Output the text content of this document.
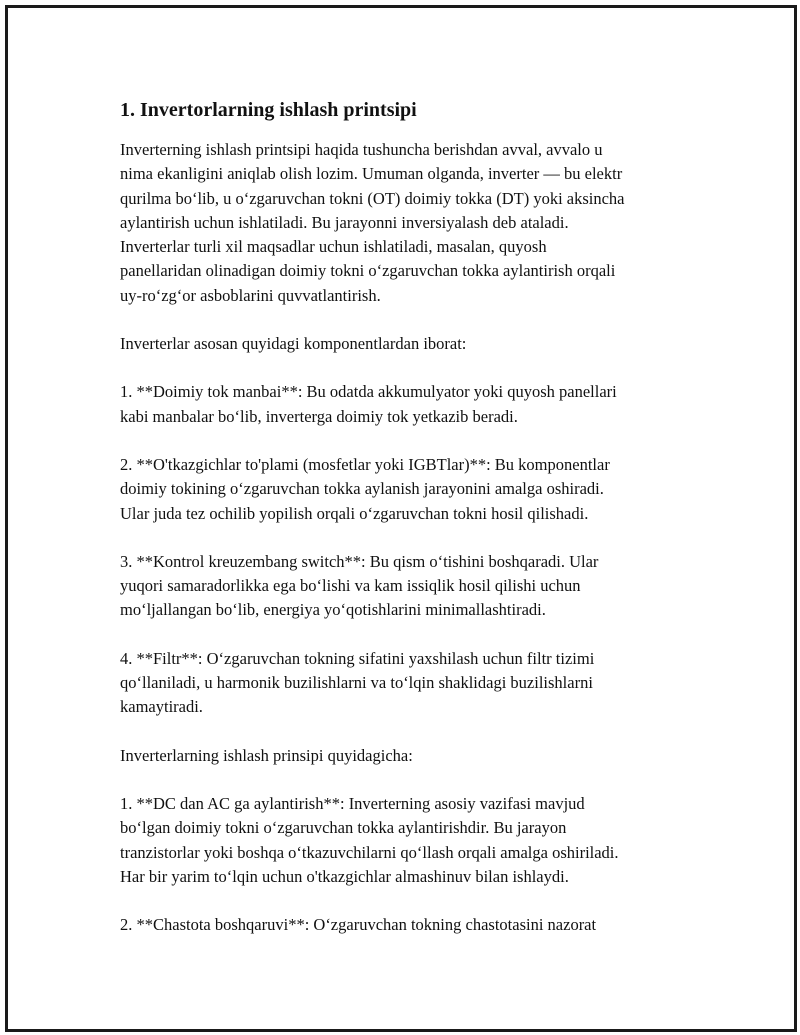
1. Invertorlarning ishlash printsipi

Inverterning ishlash printsipi haqida tushuncha berishdan avval, avvalo u
nima ekanligini aniqlab olish lozim. Umuman olganda, inverter — bu elektr
qurilma bo‘lib, u o‘zgaruvchan tokni (OT) doimiy tokka (DT) yoki aksincha
aylantirish uchun ishlatiladi. Bu jarayonni inversiyalash deb ataladi.
Inverterlar turli xil maqsadlar uchun ishlatiladi, masalan, quyosh
panellaridan olinadigan doimiy tokni o‘zgaruvchan tokka aylantirish orqali
uy-ro‘zg‘or asboblarini quvvatlantirish.

Inverterlar asosan quyidagi komponentlardan iborat:

1. **Doimiy tok manbai**: Bu odatda akkumulyator yoki quyosh panellari
kabi manbalar bo‘lib, inverterga doimiy tok yetkazib beradi.

2. **O'tkazgichlar to'plami (mosfetlar yoki IGBTlar)**: Bu komponentlar
doimiy tokining o‘zgaruvchan tokka aylanish jarayonini amalga oshiradi.
Ular juda tez ochilib yopilish orqali o‘zgaruvchan tokni hosil qilishadi.

3. **Kontrol kreuzembang switch**: Bu qism o‘tishini boshqaradi. Ular
yuqori samaradorlikka ega bo‘lishi va kam issiqlik hosil qilishi uchun
mo‘ljallangan bo‘lib, energiya yo‘qotishlarini minimallashtiradi.

4. **Filtr**: O‘zgaruvchan tokning sifatini yaxshilash uchun filtr tizimi
qo‘llaniladi, u harmonik buzilishlarni va to‘lqin shaklidagi buzilishlarni
kamaytiradi.

Inverterlarning ishlash prinsipi quyidagicha:

1. **DC dan AC ga aylantirish**: Inverterning asosiy vazifasi mavjud
bo‘lgan doimiy tokni o‘zgaruvchan tokka aylantirishdir. Bu jarayon
tranzistorlar yoki boshqa o‘tkazuvchilarni qo‘llash orqali amalga oshiriladi.
Har bir yarim to‘lqin uchun o'tkazgichlar almashinuv bilan ishlaydi.

2. **Chastota boshqaruvi**: O‘zgaruvchan tokning chastotasini nazorat
